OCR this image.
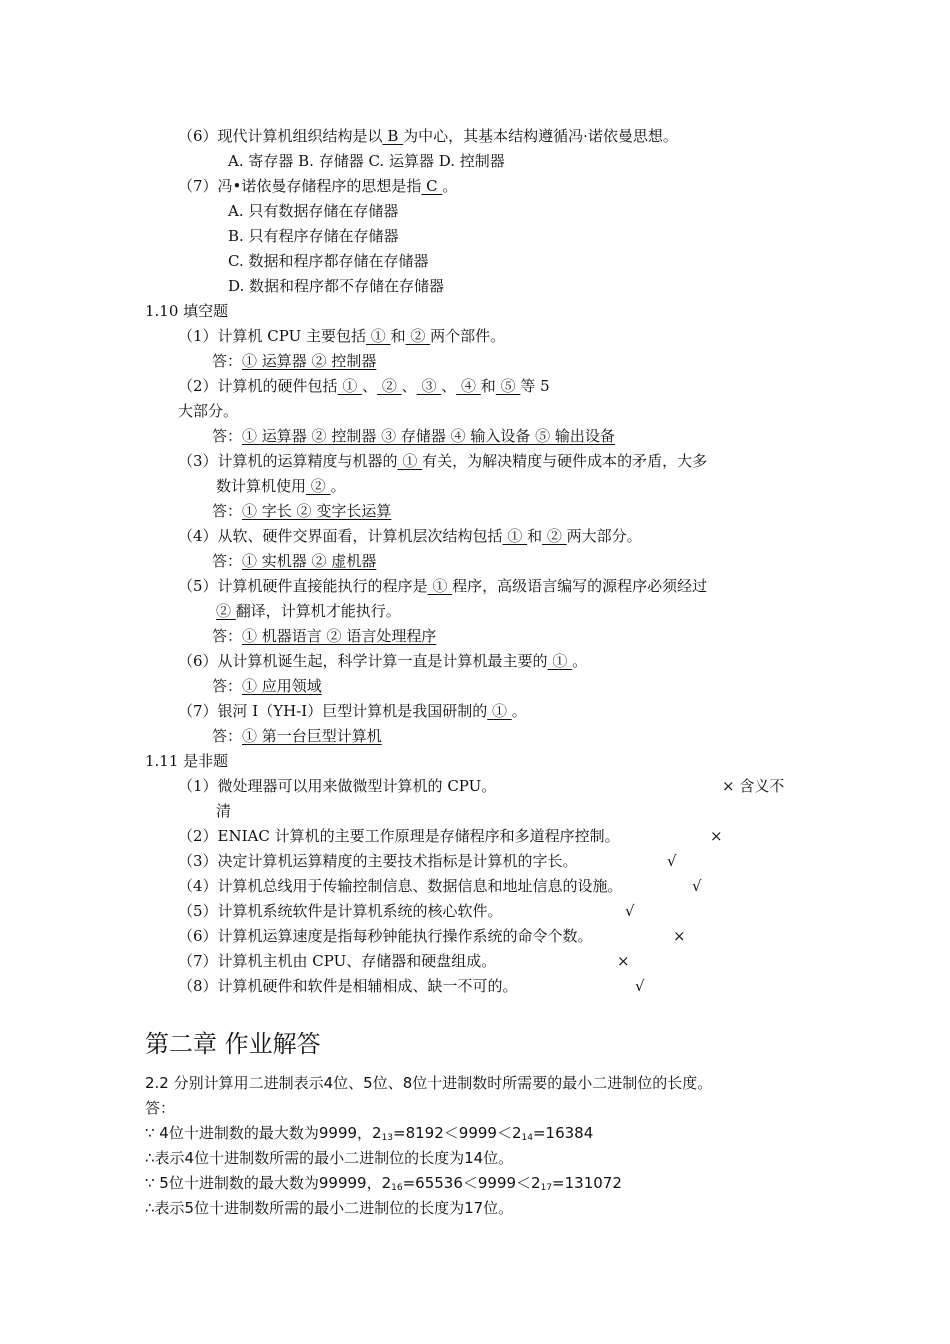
（6）现代计算机组织结构是以 B 为中心，其基本结构遵循冯·诺依曼思想。
A. 寄存器 B. 存储器 C. 运算器 D. 控制器
（7）冯•诺依曼存储程序的思想是指 C 。
A. 只有数据存储在存储器
B. 只有程序存储在存储器
C. 数据和程序都存储在存储器
D. 数据和程序都不存储在存储器
1.10 填空题
（1）计算机 CPU 主要包括 ① 和 ② 两个部件。
答：① 运算器 ② 控制器
（2）计算机的硬件包括 ① 、 ② 、 ③ 、 ④ 和 ⑤ 等 5
大部分。
答：① 运算器 ② 控制器 ③ 存储器 ④ 输入设备 ⑤ 输出设备
（3）计算机的运算精度与机器的 ① 有关，为解决精度与硬件成本的矛盾，大多
数计算机使用 ② 。
答：① 字长 ② 变字长运算
（4）从软、硬件交界面看，计算机层次结构包括 ① 和 ② 两大部分。
答：① 实机器 ② 虚机器
（5）计算机硬件直接能执行的程序是 ① 程序，高级语言编写的源程序必须经过
② 翻译，计算机才能执行。
答：① 机器语言 ② 语言处理程序
（6）从计算机诞生起，科学计算一直是计算机最主要的 ① 。
答：① 应用领域
（7）银河 I（YH-I）巨型计算机是我国研制的 ① 。
答：① 第一台巨型计算机
1.11 是非题
（1）微处理器可以用来做微型计算机的 CPU。	× 含义不
清
（2）ENIAC 计算机的主要工作原理是存储程序和多道程序控制。	×
（3）决定计算机运算精度的主要技术指标是计算机的字长。	√
（4）计算机总线用于传输控制信息、数据信息和地址信息的设施。	√
（5）计算机系统软件是计算机系统的核心软件。	√
（6）计算机运算速度是指每秒钟能执行操作系统的命令个数。	×
（7）计算机主机由 CPU、存储器和硬盘组成。	×
（8）计算机硬件和软件是相辅相成、缺一不可的。	√
第二章 作业解答
2.2 分别计算用二进制表示4位、5位、8位十进制数时所需要的最小二进制位的长度。
答：
∵ 4位十进制数的最大数为9999，$2_{13}=8192<9999<2_{14}=16384$
∴表示4位十进制数所需的最小二进制位的长度为14位。
∵ 5位十进制数的最大数为99999，$2_{16}=65536<9999<2_{17}=131072$
∴表示5位十进制数所需的最小二进制位的长度为17位。
